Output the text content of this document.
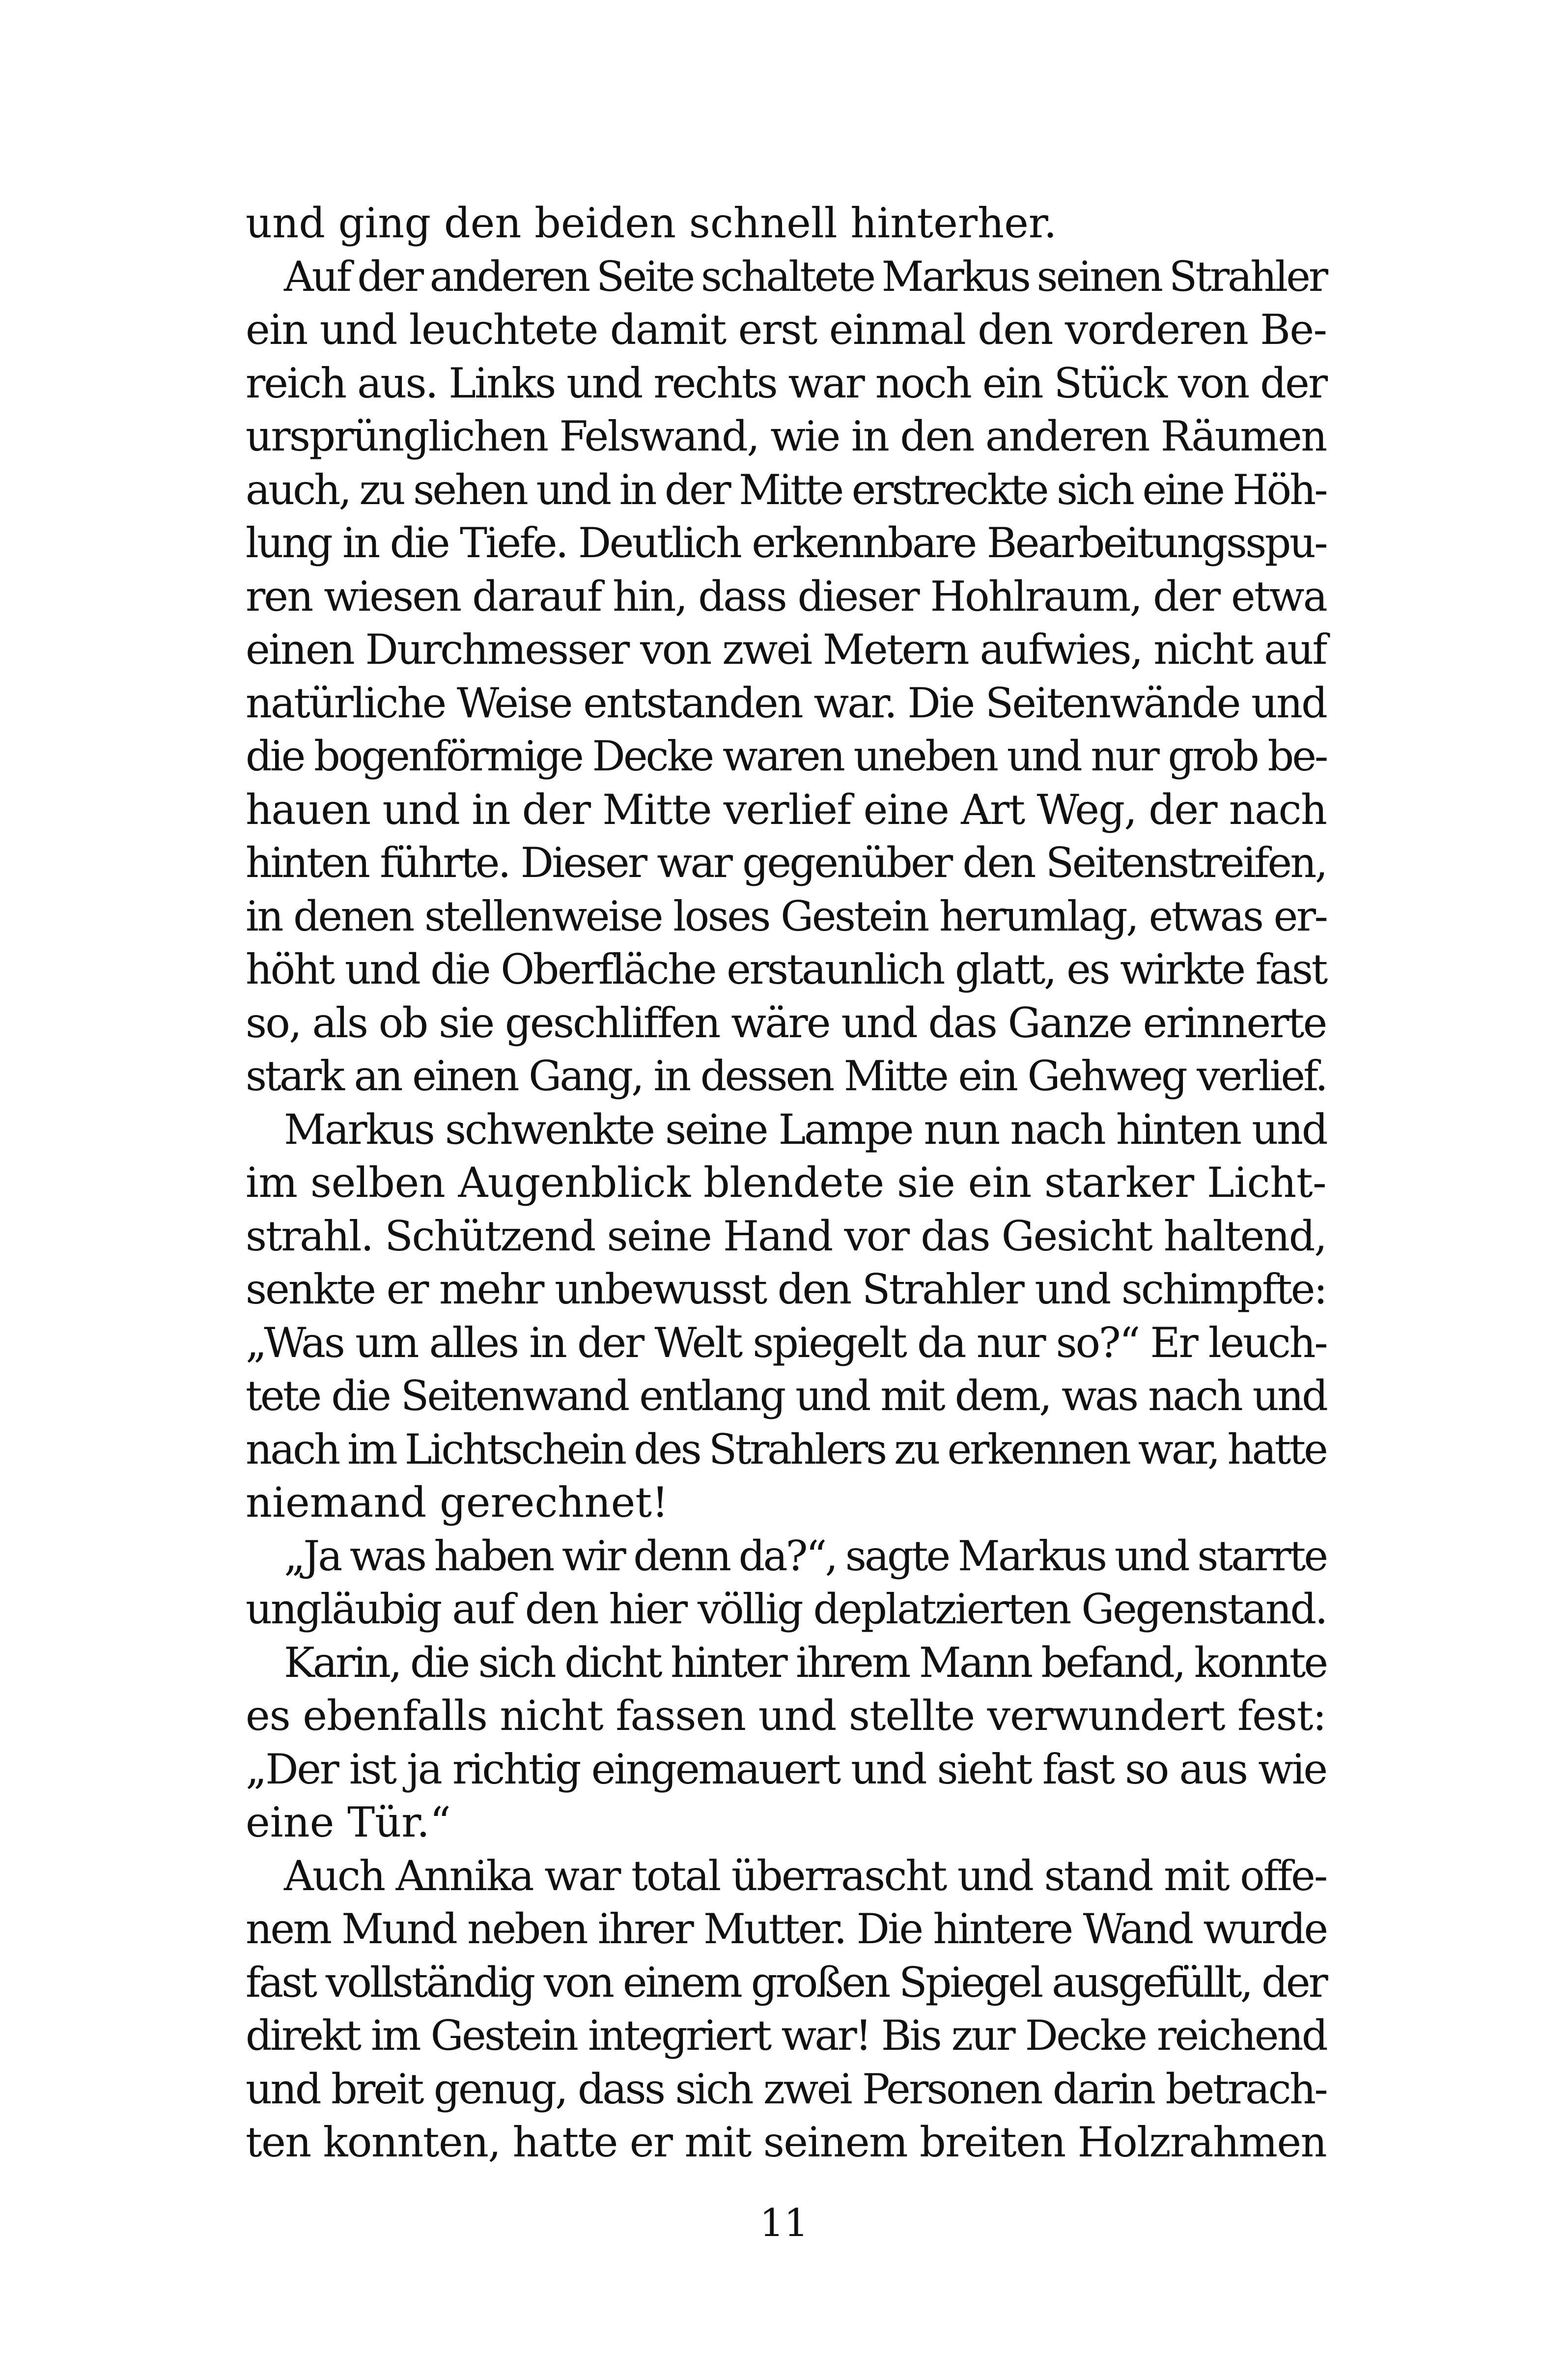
und ging den beiden schnell hinterher.
Auf der anderen Seite schaltete Markus seinen Strahler
ein und leuchtete damit erst einmal den vorderen Be-
reich aus. Links und rechts war noch ein Stück von der
ursprünglichen Felswand, wie in den anderen Räumen
auch, zu sehen und in der Mitte erstreckte sich eine Höh-
lung in die Tiefe. Deutlich erkennbare Bearbeitungsspu-
ren wiesen darauf hin, dass dieser Hohlraum, der etwa
einen Durchmesser von zwei Metern aufwies, nicht auf
natürliche Weise entstanden war. Die Seitenwände und
die bogenförmige Decke waren uneben und nur grob be-
hauen und in der Mitte verlief eine Art Weg, der nach
hinten führte. Dieser war gegenüber den Seitenstreifen,
in denen stellenweise loses Gestein herumlag, etwas er-
höht und die Oberfläche erstaunlich glatt, es wirkte fast
so, als ob sie geschliffen wäre und das Ganze erinnerte
stark an einen Gang, in dessen Mitte ein Gehweg verlief.
Markus schwenkte seine Lampe nun nach hinten und
im selben Augenblick blendete sie ein starker Licht-
strahl. Schützend seine Hand vor das Gesicht haltend,
senkte er mehr unbewusst den Strahler und schimpfte:
„Was um alles in der Welt spiegelt da nur so?“ Er leuch-
tete die Seitenwand entlang und mit dem, was nach und
nach im Lichtschein des Strahlers zu erkennen war, hatte
niemand gerechnet!
„Ja was haben wir denn da?“, sagte Markus und starrte
ungläubig auf den hier völlig deplatzierten Gegenstand.
Karin, die sich dicht hinter ihrem Mann befand, konnte
es ebenfalls nicht fassen und stellte verwundert fest:
„Der ist ja richtig eingemauert und sieht fast so aus wie
eine Tür.“
Auch Annika war total überrascht und stand mit offe-
nem Mund neben ihrer Mutter. Die hintere Wand wurde
fast vollständig von einem großen Spiegel ausgefüllt, der
direkt im Gestein integriert war! Bis zur Decke reichend
und breit genug, dass sich zwei Personen darin betrach-
ten konnten, hatte er mit seinem breiten Holzrahmen
11
